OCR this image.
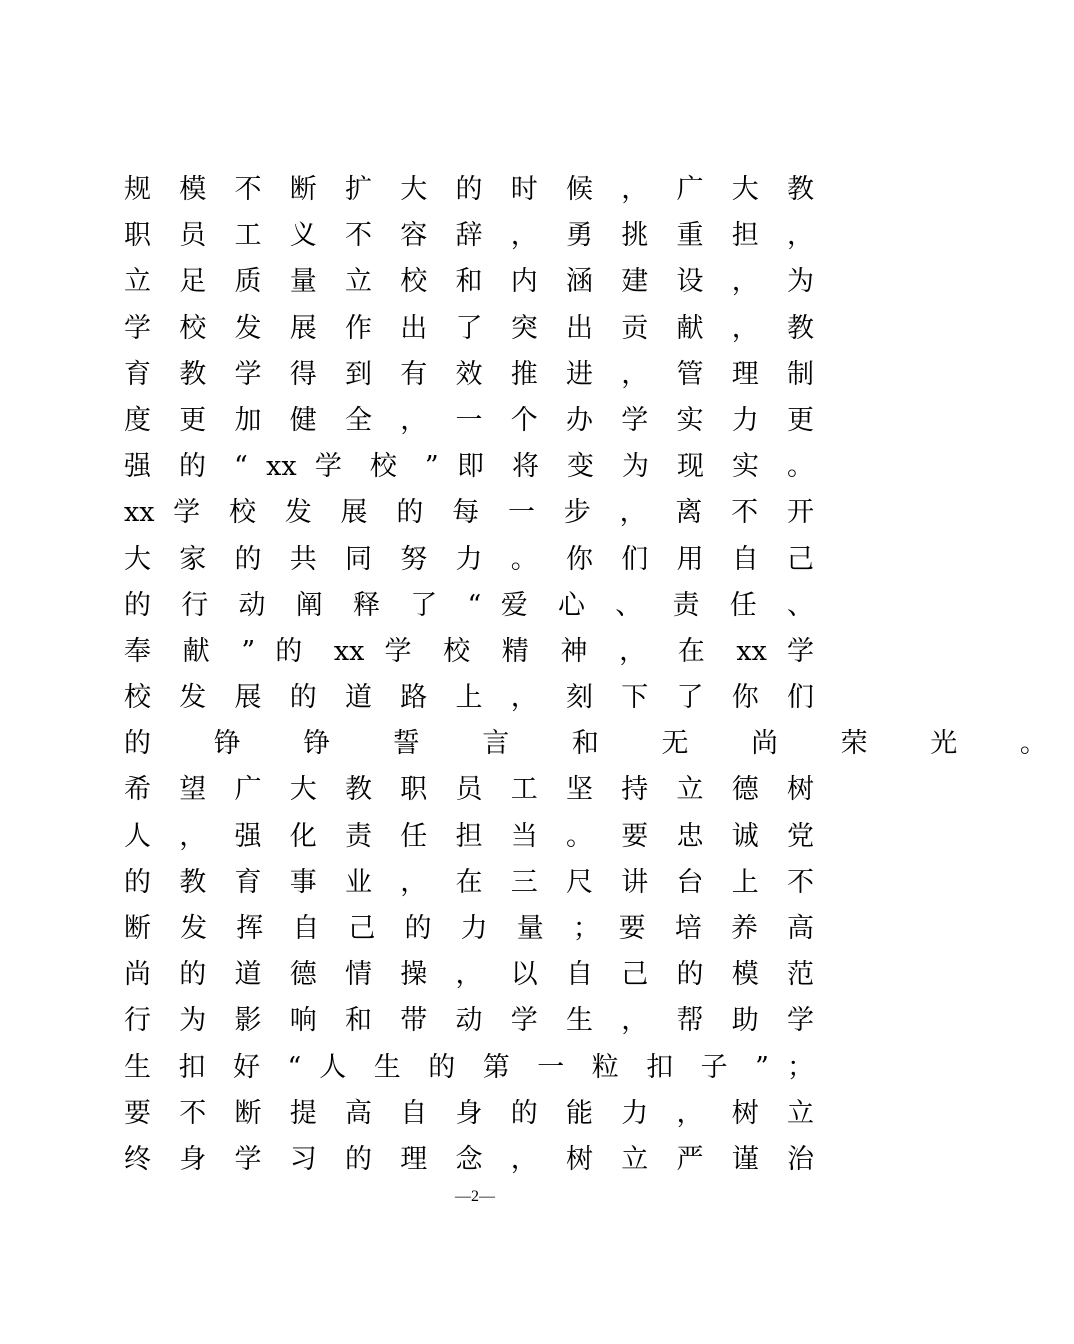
规 模 不 断 扩 大 的 时 候 ， 广 大 教
职 员 工 义 不 容 辞 ， 勇 挑 重 担 ，
立 足 质 量 立 校 和 内 涵 建 设 ， 为
学 校 发 展 作 出 了 突 出 贡 献 ， 教
育 教 学 得 到 有 效 推 进 ， 管 理 制
度 更 加 健 全 ， 一 个 办 学 实 力 更
强 的 “ xx 学 校 ” 即 将 变 为 现 实 。
xx 学 校 发 展 的 每 一 步 ， 离 不 开
大 家 的 共 同 努 力 。 你 们 用 自 己
的 行 动 阐 释 了 “ 爱 心 、 责 任 、
奉 献 ” 的 xx 学 校 精 神 ， 在 xx 学
校 发 展 的 道 路 上 ， 刻 下 了 你 们
的 铮 铮 誓 言 和 无 尚 荣 光 。
希 望 广 大 教 职 员 工 坚 持 立 德 树
人 ， 强 化 责 任 担 当 。 要 忠 诚 党
的 教 育 事 业 ， 在 三 尺 讲 台 上 不
断 发 挥 自 己 的 力 量 ； 要 培 养 高
尚 的 道 德 情 操 ， 以 自 己 的 模 范
行 为 影 响 和 带 动 学 生 ， 帮 助 学
生 扣 好 “ 人 生 的 第 一 粒 扣 子 ” ；
要 不 断 提 高 自 身 的 能 力 ， 树 立
终 身 学 习 的 理 念 ， 树 立 严 谨 治
—2—
